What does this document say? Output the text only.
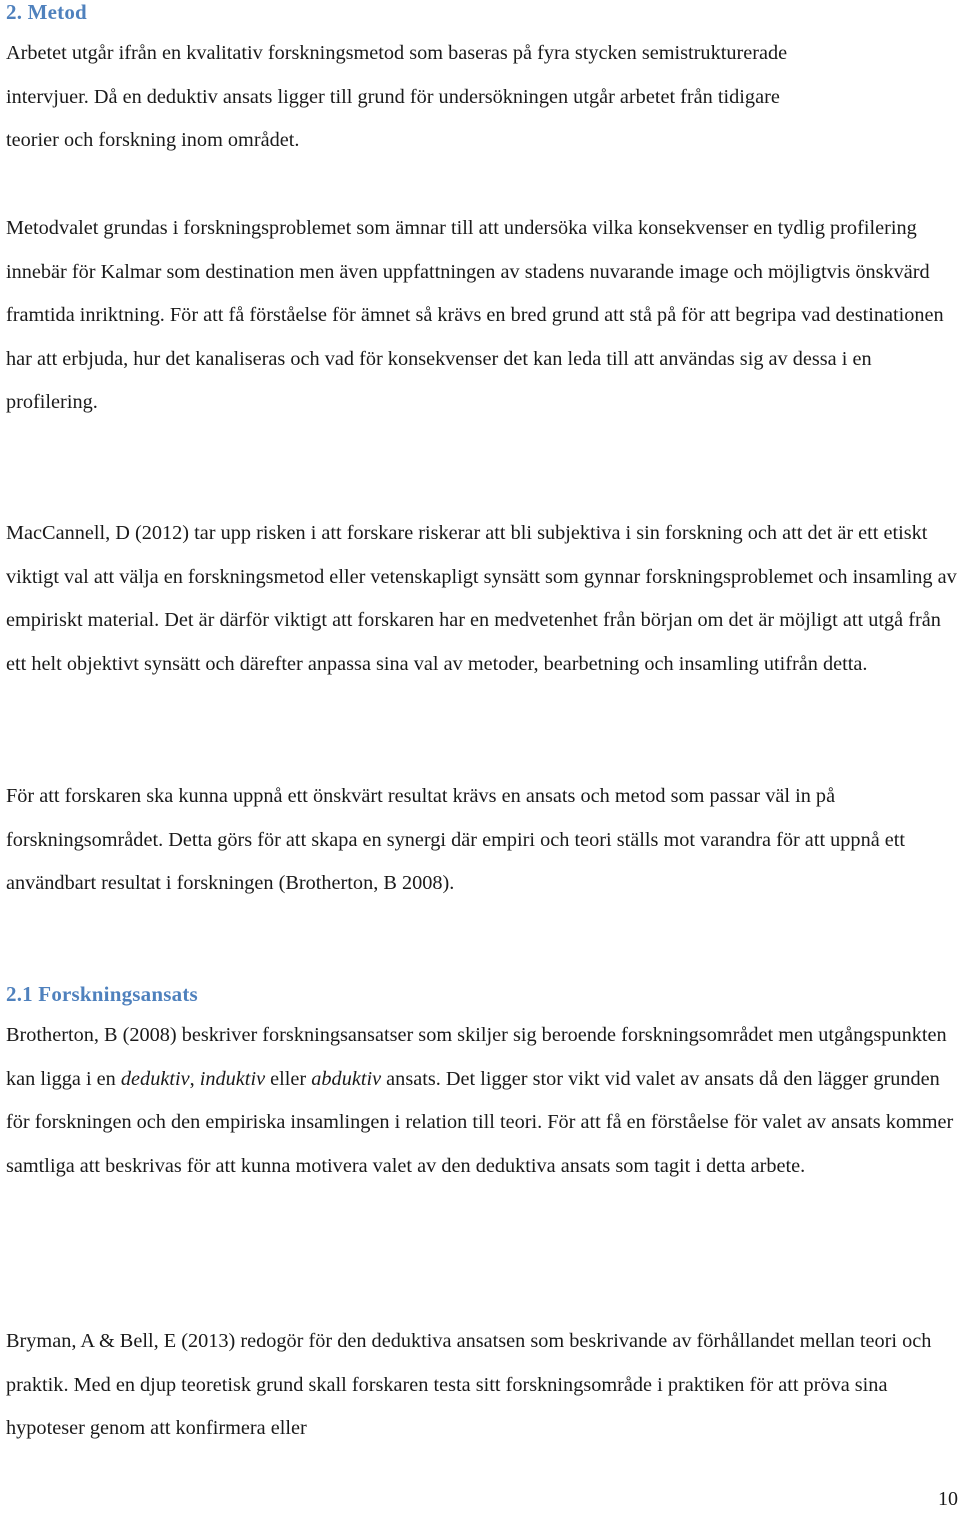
2. Metod

Arbetet utgår ifrån en kvalitativ forskningsmetod som baseras på fyra stycken semistrukturerade intervjuer. Då en deduktiv ansats ligger till grund för undersökningen utgår arbetet från tidigare teorier och forskning inom området.

Metodvalet grundas i forskningsproblemet som ämnar till att undersöka vilka konsekvenser en tydlig profilering innebär för Kalmar som destination men även uppfattningen av stadens nuvarande image och möjligtvis önskvärd framtida inriktning. För att få förståelse för ämnet så krävs en bred grund att stå på för att begripa vad destinationen har att erbjuda, hur det kanaliseras och vad för konsekvenser det kan leda till att användas sig av dessa i en profilering.

MacCannell, D (2012) tar upp risken i att forskare riskerar att bli subjektiva i sin forskning och att det är ett etiskt viktigt val att välja en forskningsmetod eller vetenskapligt synsätt som gynnar forskningsproblemet och insamling av empiriskt material. Det är därför viktigt att forskaren har en medvetenhet från början om det är möjligt att utgå från ett helt objektivt synsätt och därefter anpassa sina val av metoder, bearbetning och insamling utifrån detta.

För att forskaren ska kunna uppnå ett önskvärt resultat krävs en ansats och metod som passar väl in på forskningsområdet. Detta görs för att skapa en synergi där empiri och teori ställs mot varandra för att uppnå ett användbart resultat i forskningen (Brotherton, B 2008).

2.1 Forskningsansats

Brotherton, B (2008) beskriver forskningsansatser som skiljer sig beroende forskningsområdet men utgångspunkten kan ligga i en deduktiv, induktiv eller abduktiv ansats. Det ligger stor vikt vid valet av ansats då den lägger grunden för forskningen och den empiriska insamlingen i relation till teori. För att få en förståelse för valet av ansats kommer samtliga att beskrivas för att kunna motivera valet av den deduktiva ansats som tagit i detta arbete.

Bryman, A & Bell, E (2013) redogör för den deduktiva ansatsen som beskrivande av förhållandet mellan teori och praktik. Med en djup teoretisk grund skall forskaren testa sitt forskningsområde i praktiken för att pröva sina hypoteser genom att konfirmera eller

10
